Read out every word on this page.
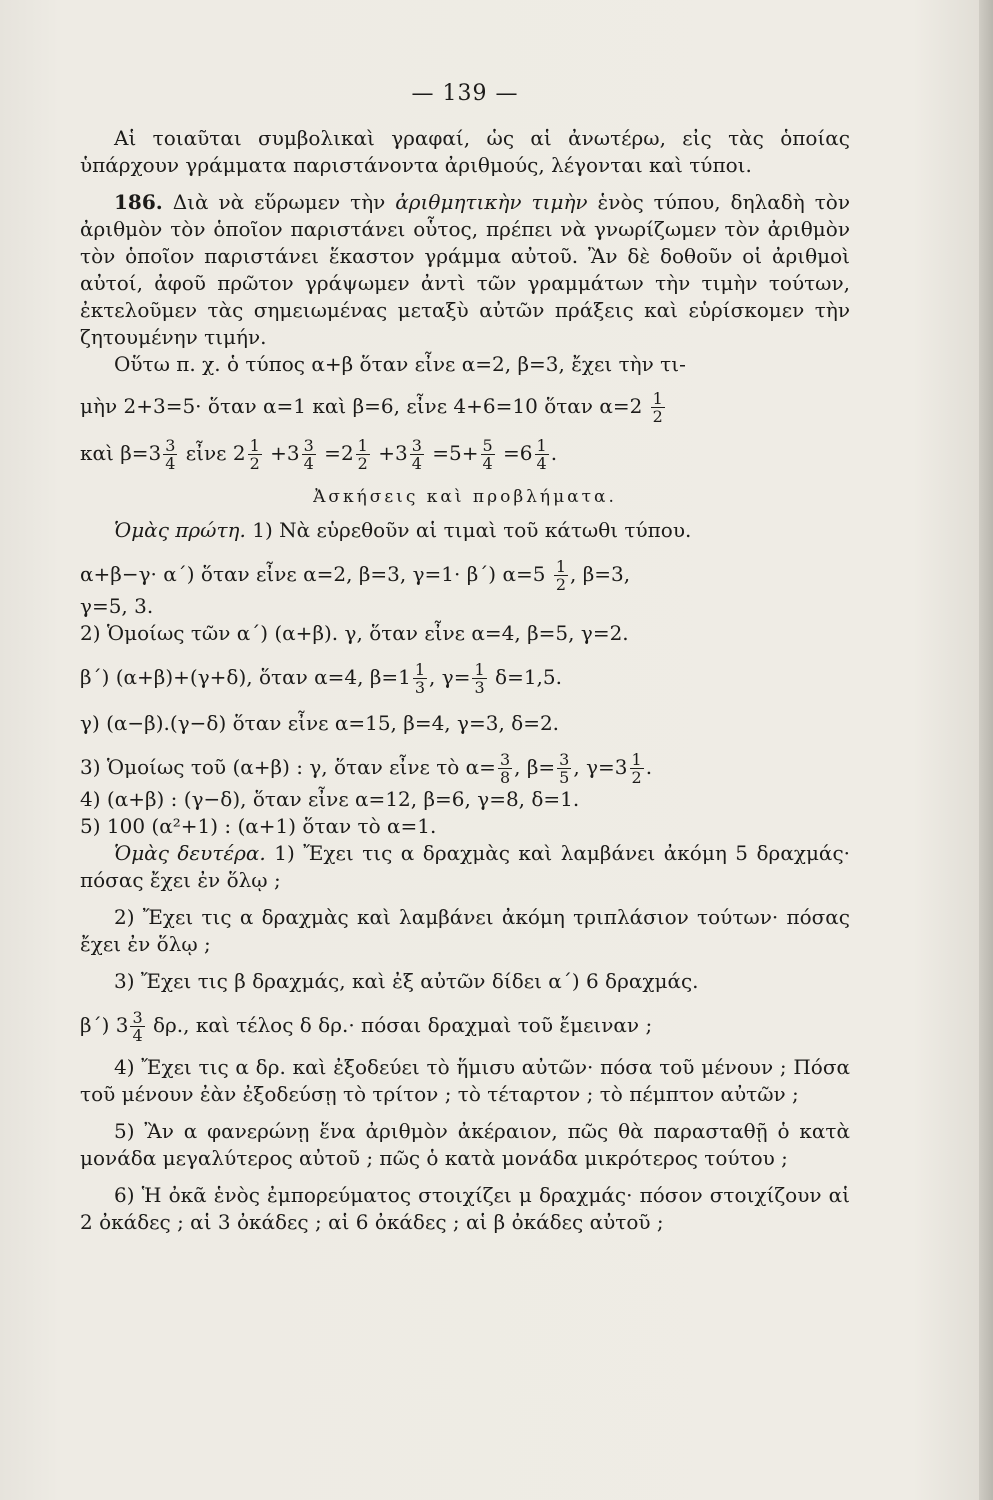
— 139 —

Αἱ τοιαῦται συμβολικαὶ γραφαί, ὡς αἱ ἀνωτέρω, εἰς τὰς ὁποίας ὑπάρχουν γράμματα παριστάνοντα ἀριθμούς, λέγονται καὶ τύποι.

186. Διὰ νὰ εὕρωμεν τὴν ἀριθμητικὴν τιμὴν ἑνὸς τύπου, δηλαδὴ τὸν ἀριθμὸν τὸν ὁποῖον παριστάνει οὗτος, πρέπει νὰ γνωρίζωμεν τὸν ἀριθμὸν τὸν ὁποῖον παριστάνει ἕκαστον γράμμα αὐτοῦ. Ἂν δὲ δοθοῦν οἱ ἀριθμοὶ αὐτοί, ἀφοῦ πρῶτον γράψωμεν ἀντὶ τῶν γραμμάτων τὴν τιμὴν τούτων, ἐκτελοῦμεν τὰς σημειωμένας μεταξὺ αὐτῶν πράξεις καὶ εὑρίσκομεν τὴν ζητουμένην τιμήν.

Οὕτω π. χ. ὁ τύπος α+β ὅταν εἶνε α=2, β=3, ἔχει τὴν τι-

μὴν 2+3=5· ὅταν α=1 καὶ β=6, εἶνε 4+6=10 ὅταν $\alpha=2 \frac{1}{2}$

καὶ $\beta=3 \frac{3}{4}$ εἶνε $2 \frac{1}{2} +3 \frac{3}{4} =2 \frac{1}{2} +3 \frac{3}{4} =5+ \frac{5}{4} =6 \frac{1}{4}$ .

Ἀσκήσεις καὶ προβλήματα.

Ὁμὰς πρώτη. 1) Νὰ εὑρεθοῦν αἱ τιμαὶ τοῦ κάτωθι τύπου.

α+β−γ· α΄) ὅταν εἶνε α=2, β=3, γ=1· β΄) $\alpha=5 \frac{1}{2}$ , β=3,

γ=5, 3.

2) Ὁμοίως τῶν α΄) (α+β). γ, ὅταν εἶνε α=4, β=5, γ=2.

β΄) (α+β)+(γ+δ), ὅταν α=4, $\beta=1 \frac{1}{3}$ , $\gamma= \frac{1}{3} \delta=1,5$.

γ) (α−β).(γ−δ) ὅταν εἶνε α=15, β=4, γ=3, δ=2.

3) Ὁμοίως τοῦ (α+β) : γ, ὅταν εἶνε τὸ $\alpha= \frac{3}{8}$ , $\beta= \frac{3}{5}$ , $\gamma=3 \frac{1}{2}$ .

4) (α+β) : (γ−δ), ὅταν εἶνε α=12, β=6, γ=8, δ=1.

5) 100 (α²+1) : (α+1) ὅταν τὸ α=1.

Ὁμὰς δευτέρα. 1) Ἔχει τις α δραχμὰς καὶ λαμβάνει ἀκόμη 5 δραχμάς· πόσας ἔχει ἐν ὅλῳ ;

2) Ἔχει τις α δραχμὰς καὶ λαμβάνει ἀκόμη τριπλάσιον τούτων· πόσας ἔχει ἐν ὅλῳ ;

3) Ἔχει τις β δραχμάς, καὶ ἐξ αὐτῶν δίδει α΄) 6 δραχμάς.

β΄) $3 \frac{3}{4} \delta\rho$., καὶ τέλος δ δρ.· πόσαι δραχμαὶ τοῦ ἔμειναν ;

4) Ἔχει τις α δρ. καὶ ἐξοδεύει τὸ ἥμισυ αὐτῶν· πόσα τοῦ μένουν ; Πόσα τοῦ μένουν ἐὰν ἐξοδεύσῃ τὸ τρίτον ; τὸ τέταρτον ; τὸ πέμπτον αὐτῶν ;

5) Ἂν α φανερώνῃ ἕνα ἀριθμὸν ἀκέραιον, πῶς θὰ παρασταθῇ ὁ κατὰ μονάδα μεγαλύτερος αὐτοῦ ; πῶς ὁ κατὰ μονάδα μικρότερος τούτου ;

6) Ἡ ὀκᾶ ἑνὸς ἐμπορεύματος στοιχίζει μ δραχμάς· πόσον στοιχίζουν αἱ 2 ὀκάδες ; αἱ 3 ὀκάδες ; αἱ 6 ὀκάδες ; αἱ β ὀκάδες αὐτοῦ ;
